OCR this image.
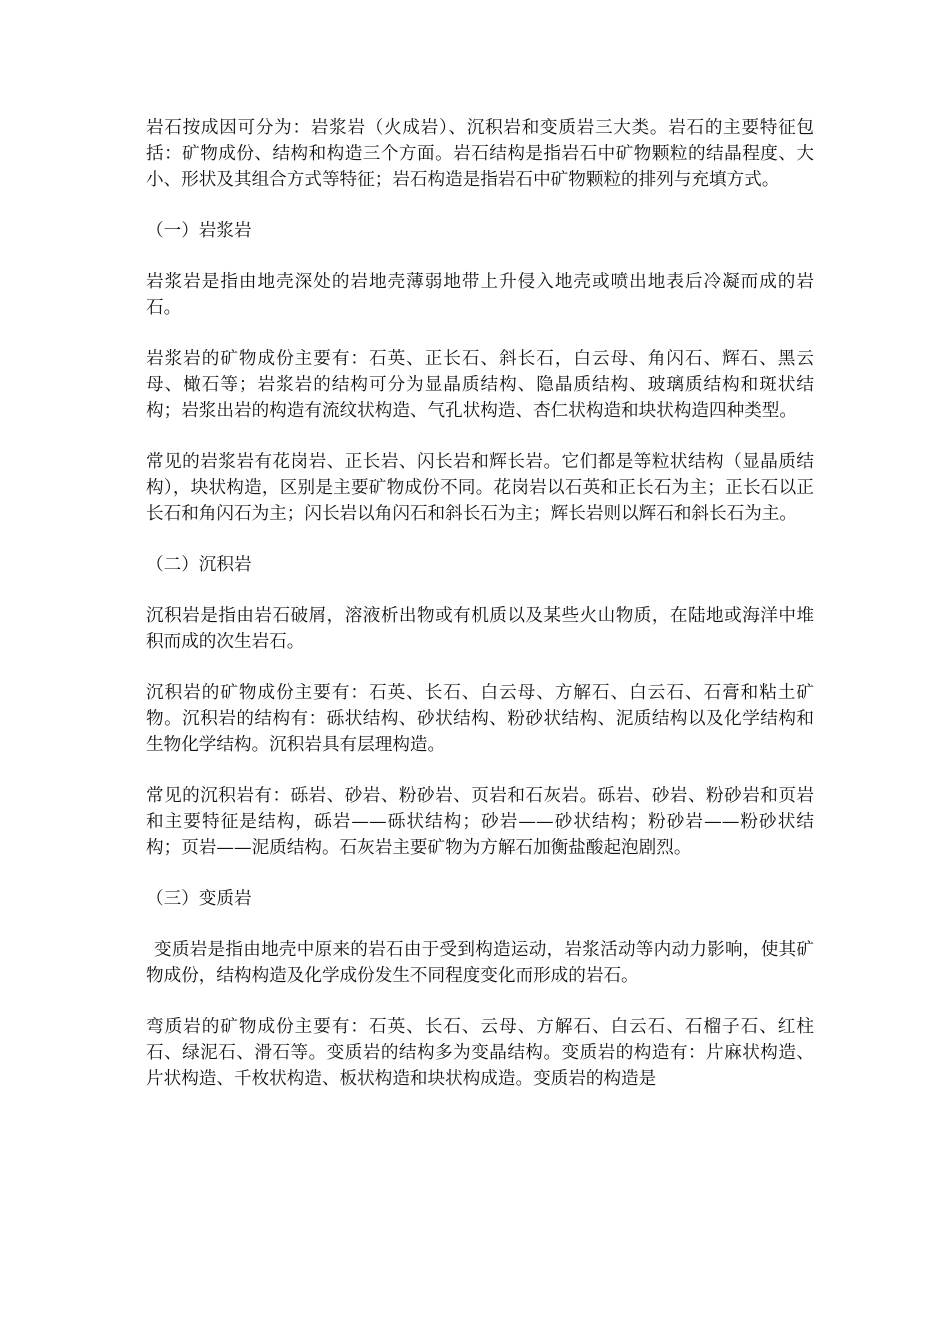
岩石按成因可分为：岩浆岩（火成岩）、沉积岩和变质岩三大类。岩石的主要特征包括：矿物成份、结构和构造三个方面。岩石结构是指岩石中矿物颗粒的结晶程度、大小、形状及其组合方式等特征；岩石构造是指岩石中矿物颗粒的排列与充填方式。

（一）岩浆岩

岩浆岩是指由地壳深处的岩地壳薄弱地带上升侵入地壳或喷出地表后冷凝而成的岩石。

岩浆岩的矿物成份主要有：石英、正长石、斜长石，白云母、角闪石、辉石、黑云母、橄石等；岩浆岩的结构可分为显晶质结构、隐晶质结构、玻璃质结构和斑状结构；岩浆出岩的构造有流纹状构造、气孔状构造、杏仁状构造和块状构造四种类型。

常见的岩浆岩有花岗岩、正长岩、闪长岩和辉长岩。它们都是等粒状结构（显晶质结构），块状构造，区别是主要矿物成份不同。花岗岩以石英和正长石为主；正长石以正长石和角闪石为主；闪长岩以角闪石和斜长石为主；辉长岩则以辉石和斜长石为主。

（二）沉积岩

沉积岩是指由岩石破屑，溶液析出物或有机质以及某些火山物质，在陆地或海洋中堆积而成的次生岩石。

沉积岩的矿物成份主要有：石英、长石、白云母、方解石、白云石、石膏和粘土矿物。沉积岩的结构有：砾状结构、砂状结构、粉砂状结构、泥质结构以及化学结构和生物化学结构。沉积岩具有层理构造。

常见的沉积岩有：砾岩、砂岩、粉砂岩、页岩和石灰岩。砾岩、砂岩、粉砂岩和页岩和主要特征是结构，砾岩——砾状结构；砂岩——砂状结构；粉砂岩——粉砂状结构；页岩——泥质结构。石灰岩主要矿物为方解石加衡盐酸起泡剧烈。

（三）变质岩

变质岩是指由地壳中原来的岩石由于受到构造运动，岩浆活动等内动力影响，使其矿物成份，结构构造及化学成份发生不同程度变化而形成的岩石。

弯质岩的矿物成份主要有：石英、长石、云母、方解石、白云石、石榴子石、红柱石、绿泥石、滑石等。变质岩的结构多为变晶结构。变质岩的构造有：片麻状构造、片状构造、千枚状构造、板状构造和块状构成造。变质岩的构造是
